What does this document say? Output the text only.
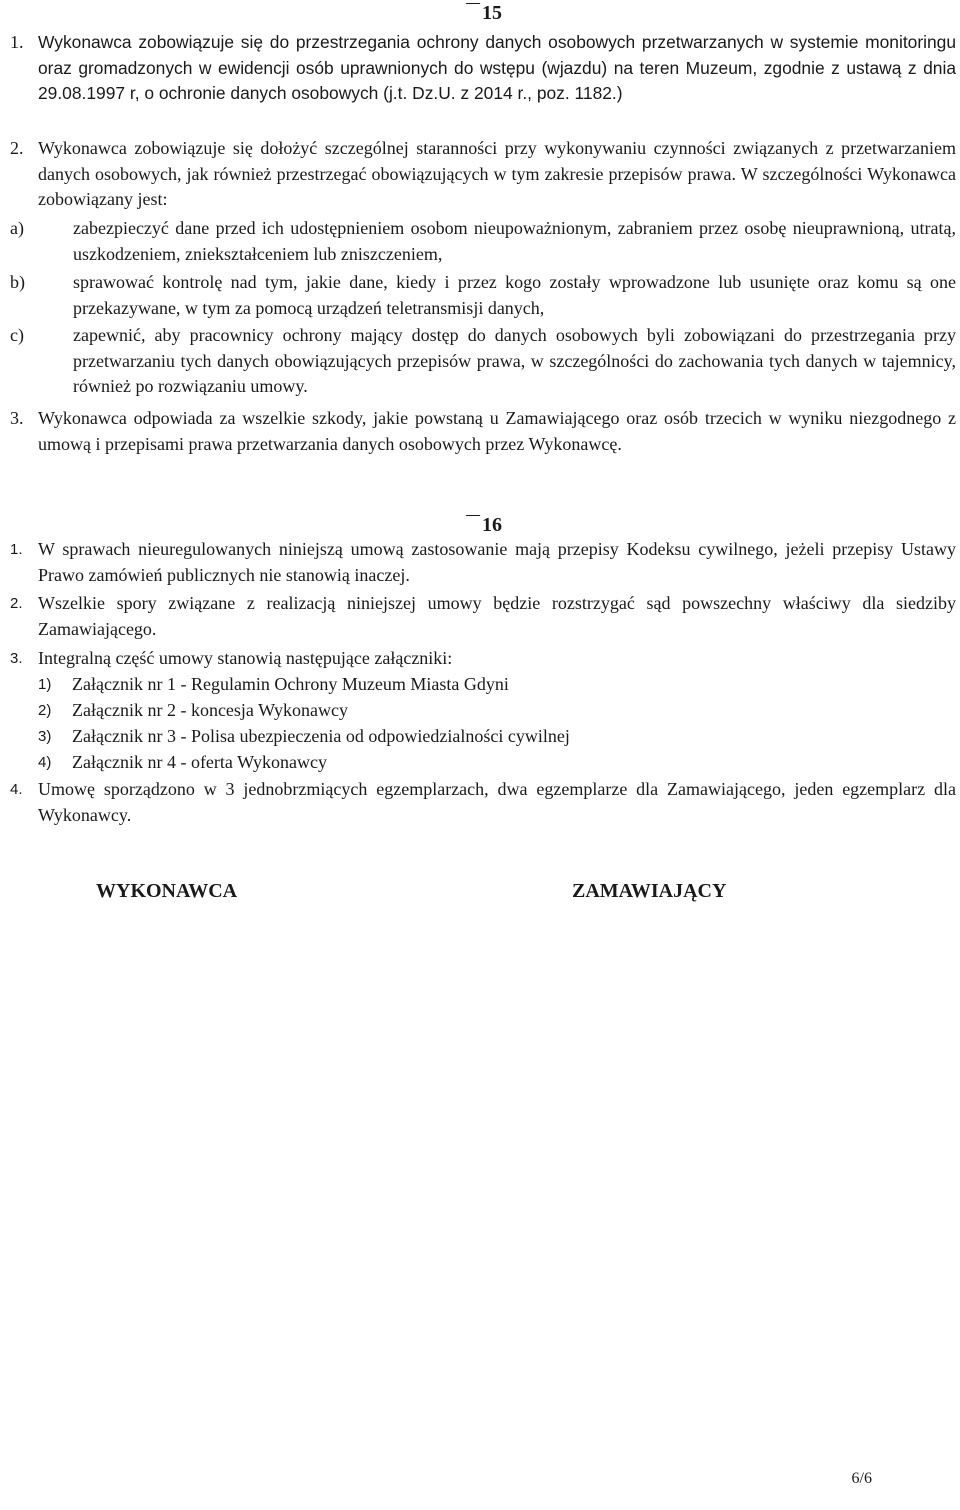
15
1. Wykonawca zobowiązuje się do przestrzegania ochrony danych osobowych przetwarzanych w systemie monitoringu oraz gromadzonych w ewidencji osób uprawnionych do wstępu (wjazdu) na teren Muzeum, zgodnie z ustawą z dnia 29.08.1997 r, o ochronie danych osobowych (j.t. Dz.U. z 2014 r., poz. 1182.)
2. Wykonawca zobowiązuje się dołożyć szczególnej staranności przy wykonywaniu czynności związanych z przetwarzaniem danych osobowych, jak również przestrzegać obowiązujących w tym zakresie przepisów prawa. W szczególności Wykonawca zobowiązany jest:
a)	zabezpieczyć dane przed ich udostępnieniem osobom nieupoważnionym, zabraniem przez osobę nieuprawnioną, utratą, uszkodzeniem, zniekształceniem lub zniszczeniem,
b)	sprawować kontrolę nad tym, jakie dane, kiedy i przez kogo zostały wprowadzone lub usunięte oraz komu są one przekazywane, w tym za pomocą urządzeń teletransmisji danych,
c)	zapewnić, aby pracownicy ochrony mający dostęp do danych osobowych byli zobowiązani do przestrzegania przy przetwarzaniu tych danych obowiązujących przepisów prawa, w szczególności do zachowania tych danych w tajemnicy, również po rozwiązaniu umowy.
3. Wykonawca odpowiada za wszelkie szkody, jakie powstaną u Zamawiającego oraz osób trzecich w wyniku niezgodnego z umową i przepisami prawa przetwarzania danych osobowych przez Wykonawcę.
16
1. W sprawach nieuregulowanych niniejszą umową zastosowanie mają przepisy Kodeksu cywilnego, jeżeli przepisy Ustawy Prawo zamówień publicznych nie stanowią inaczej.
2. Wszelkie spory związane z realizacją niniejszej umowy będzie rozstrzygać sąd powszechny właściwy dla siedziby Zamawiającego.
3. Integralną część umowy stanowią następujące załączniki:
1)	Załącznik nr 1 - Regulamin Ochrony Muzeum Miasta Gdyni
2)	Załącznik nr 2 - koncesja Wykonawcy
3)	Załącznik nr 3 - Polisa ubezpieczenia od odpowiedzialności cywilnej
4)	Załącznik nr 4 - oferta Wykonawcy
4. Umowę sporządzono w 3 jednobrzmiących egzemplarzach, dwa egzemplarze dla Zamawiającego, jeden egzemplarz dla Wykonawcy.
WYKONAWCA	ZAMAWIAJĄCY
6/6
